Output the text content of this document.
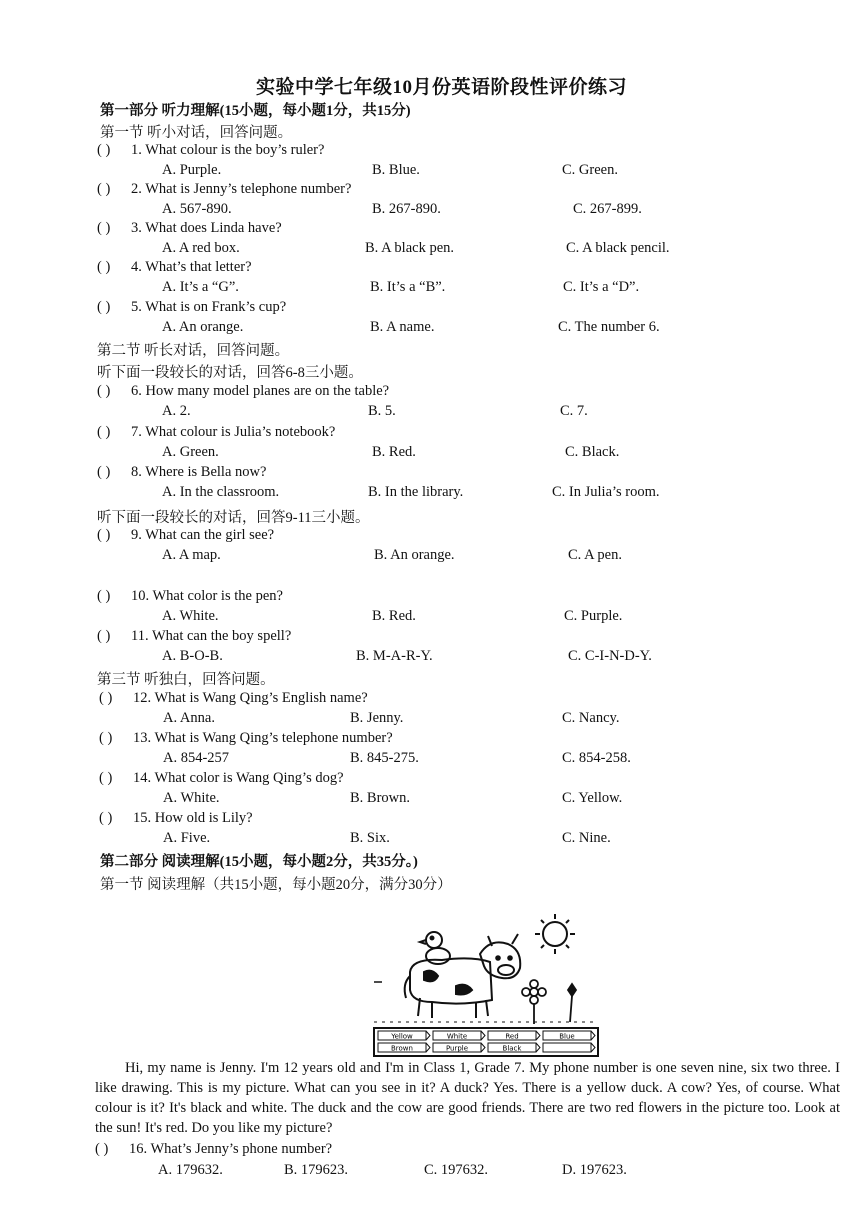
实验中学七年级10月份英语阶段性评价练习
第一部分 听力理解(15小题，每小题1分，共15分)
第一节 听小对话，回答问题。
( ) 1. What colour is the boy’s ruler?
A. Purple.	B. Blue.	C. Green.
( ) 2. What is Jenny’s telephone number?
A. 567-890.	B. 267-890.	C. 267-899.
( ) 3. What does Linda have?
A. A red box.	B. A black pen.	C. A black pencil.
( ) 4. What’s that letter?
A. It’s a “G”.	B. It’s a “B”.	C. It’s a “D”.
( ) 5. What is on Frank’s cup?
A. An orange.	B. A name.	C. The number 6.
( ) 6. How many model planes are on the table?
A. 2.	B. 5.	C. 7.
( ) 7. What colour is Julia’s notebook?
A. Green.	B. Red.	C. Black.
( ) 8. Where is Bella now?
A. In the classroom.	B. In the library.	C. In Julia’s room.
( ) 9. What can the girl see?
A. A map.	B. An orange.	C. A pen.
( ) 10. What color is the pen?
A. White.	B. Red.	C. Purple.
( ) 11. What can the boy spell?
A. B-O-B.	B. M-A-R-Y.	C. C-I-N-D-Y.
( ) 12. What is Wang Qing’s English name?
A. Anna.	B. Jenny.	C. Nancy.
( ) 13. What is Wang Qing’s telephone number?
A. 854-257	B. 845-275.	C. 854-258.
( ) 14. What color is Wang Qing’s dog?
A. White.	B. Brown.	C. Yellow.
( ) 15. How old is Lily?
A. Five.	B. Six.	C. Nine.
第二节 听长对话，回答问题。
听下面一段较长的对话，回答6-8三小题。
听下面一段较长的对话，回答9-11三小题。
第三节 听独白，回答问题。
第二部分 阅读理解(15小题，每小题2分，共35分。)
第一节 阅读理解（共15小题，每小题20分，满分30分）
Yellow	White	Red	Blue
Brown	Purple	Black
Hi, my name is Jenny. I'm 12 years old and I'm in Class 1, Grade 7. My phone number is one seven nine, six two three. I like drawing. This is my picture. What can you see in it? A duck? Yes. There is a yellow duck. A cow? Yes, of course. What colour is it? It's black and white. The duck and the cow are good friends. There are two red flowers in the picture too. Look at the sun! It's red. Do you like my picture?
( ) 16. What’s Jenny’s phone number?
A. 179632.	B. 179623.	C. 197632.	D. 197623.
